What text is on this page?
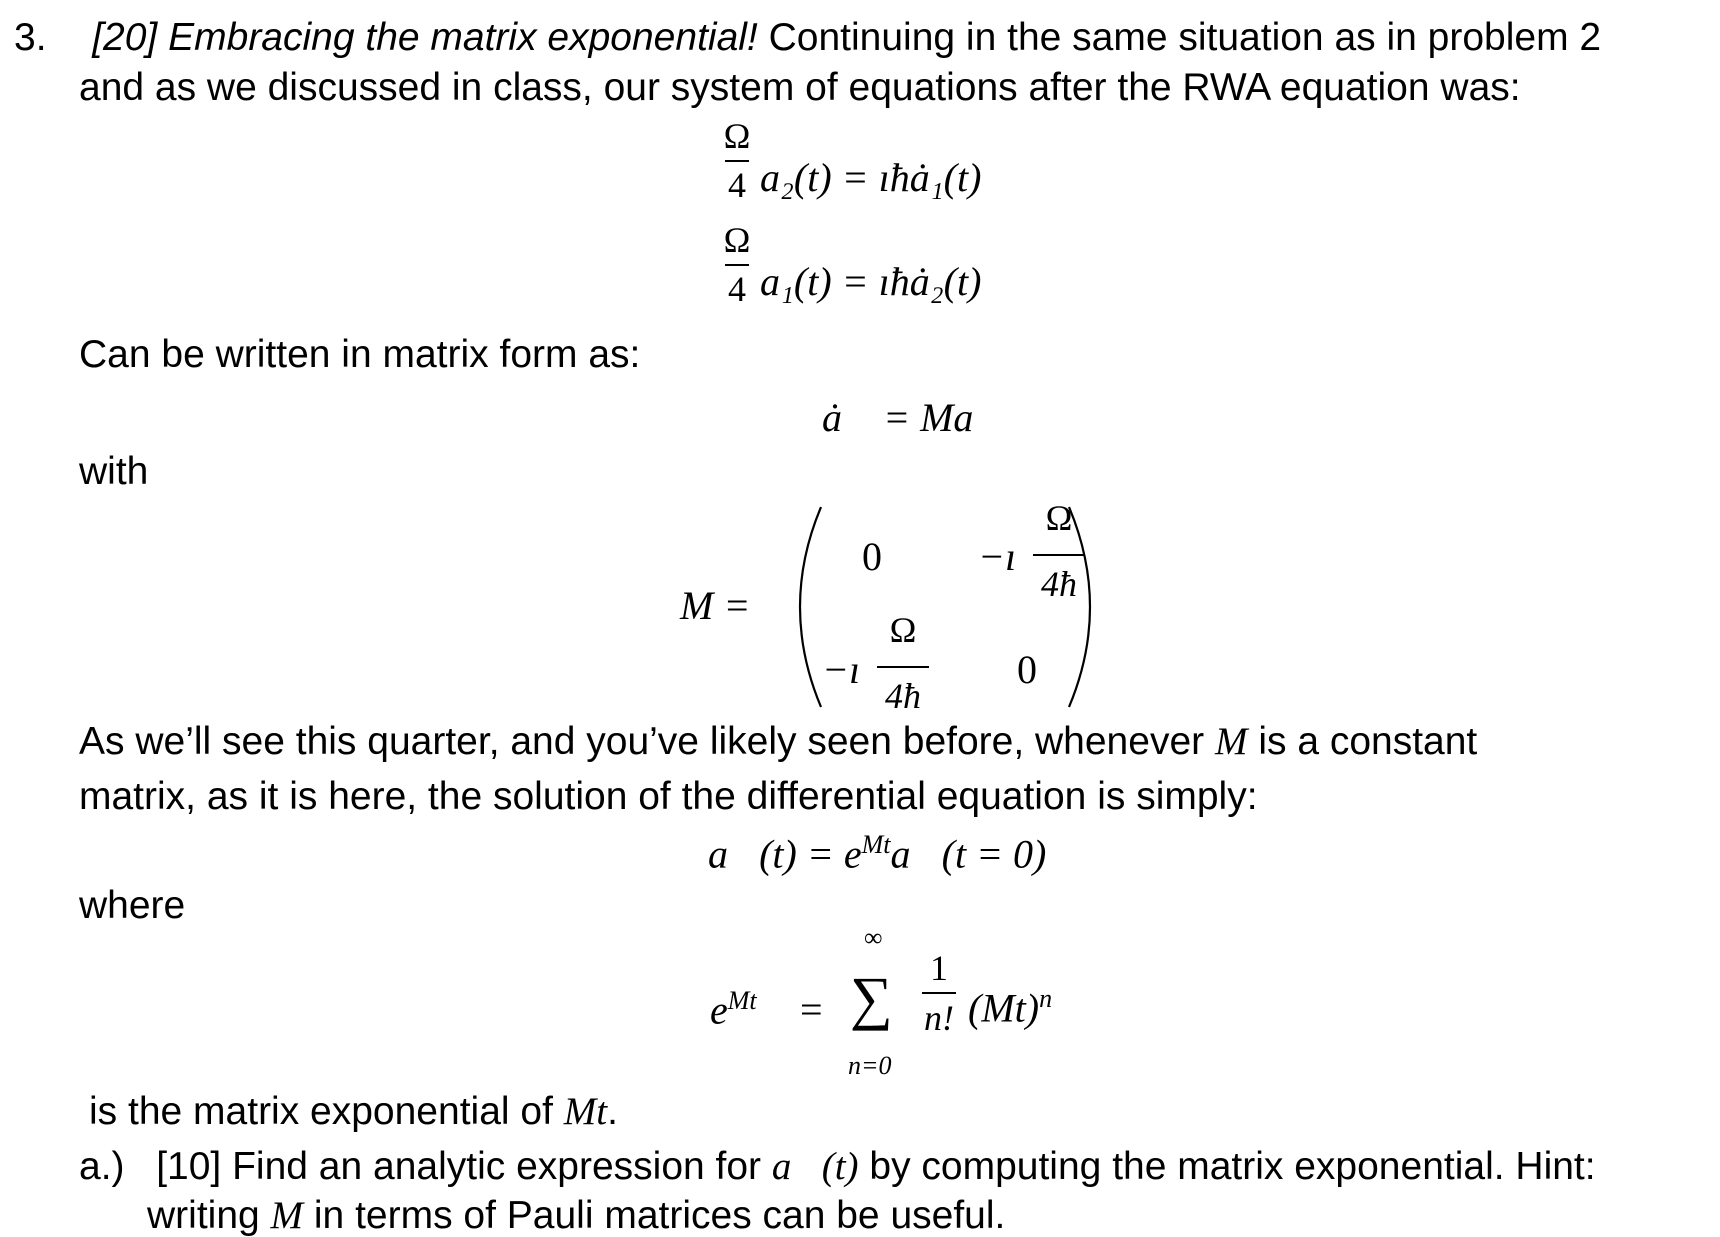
3. [20] Embracing the matrix exponential! Continuing in the same situation as in problem 2
and as we discussed in class, our system of equations after the RWA equation was:
Ω
4 a₂(t) = ıħȧ₁(t)
Ω
4 a₁(t) = ıħȧ₂(t)
Can be written in matrix form as:
ȧ⃗ = Ma⃗
with
M =
0 −ı
Ω
4ħ
−ı
Ω
4ħ
0
As we’ll see this quarter, and you’ve likely seen before, whenever M is a constant
matrix, as it is here, the solution of the differential equation is simply:
a⃗(t) = $e^{Mt}a⃗(t = 0)$
where
$e^{Mt}$ =
∞
∑
n=0
1
n! $(Mt)^n$
is the matrix exponential of Mt.
a.) [10] Find an analytic expression for a⃗(t) by computing the matrix exponential. Hint:
writing M in terms of Pauli matrices can be useful.
